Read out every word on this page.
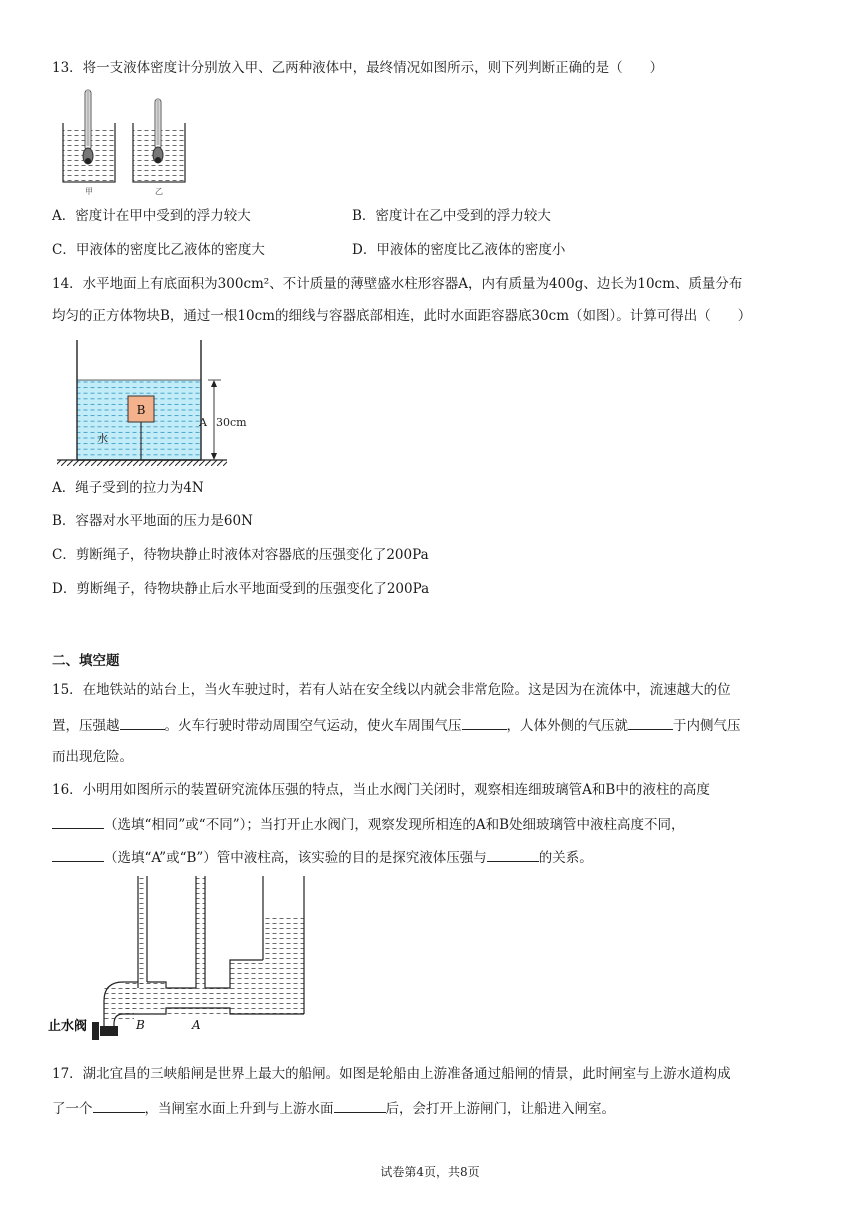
13．将一支液体密度计分别放入甲、乙两种液体中，最终情况如图所示，则下列判断正确的是（　　）
甲	乙
A．密度计在甲中受到的浮力较大	B．密度计在乙中受到的浮力较大
C．甲液体的密度比乙液体的密度大	D．甲液体的密度比乙液体的密度小
14．水平地面上有底面积为300cm²、不计质量的薄壁盛水柱形容器A，内有质量为400g、边长为10cm、质量分布
均匀的正方体物块B，通过一根10cm的细线与容器底部相连，此时水面距容器底30cm（如图）。计算可得出（　　）
B
水
A 30cm
A．绳子受到的拉力为4N
B．容器对水平地面的压力是60N
C．剪断绳子，待物块静止时液体对容器底的压强变化了200Pa
D．剪断绳子，待物块静止后水平地面受到的压强变化了200Pa
二、填空题
15．在地铁站的站台上，当火车驶过时，若有人站在安全线以内就会非常危险。这是因为在流体中，流速越大的位
置，压强越	。火车行驶时带动周围空气运动，使火车周围气压	，人体外侧的气压就	于内侧气压
而出现危险。
16．小明用如图所示的装置研究流体压强的特点，当止水阀门关闭时，观察相连细玻璃管A和B中的液柱的高度
（选填“相同”或“不同”）；当打开止水阀门，观察发现所相连的A和B处细玻璃管中液柱高度不同，
（选填“A”或“B”）管中液柱高，该实验的目的是探究液体压强与	的关系。
止水阀	B	A
17．湖北宜昌的三峡船闸是世界上最大的船闸。如图是轮船由上游准备通过船闸的情景，此时闸室与上游水道构成
了一个	，当闸室水面上升到与上游水面	后，会打开上游闸门，让船进入闸室。
试卷第4页，共8页
